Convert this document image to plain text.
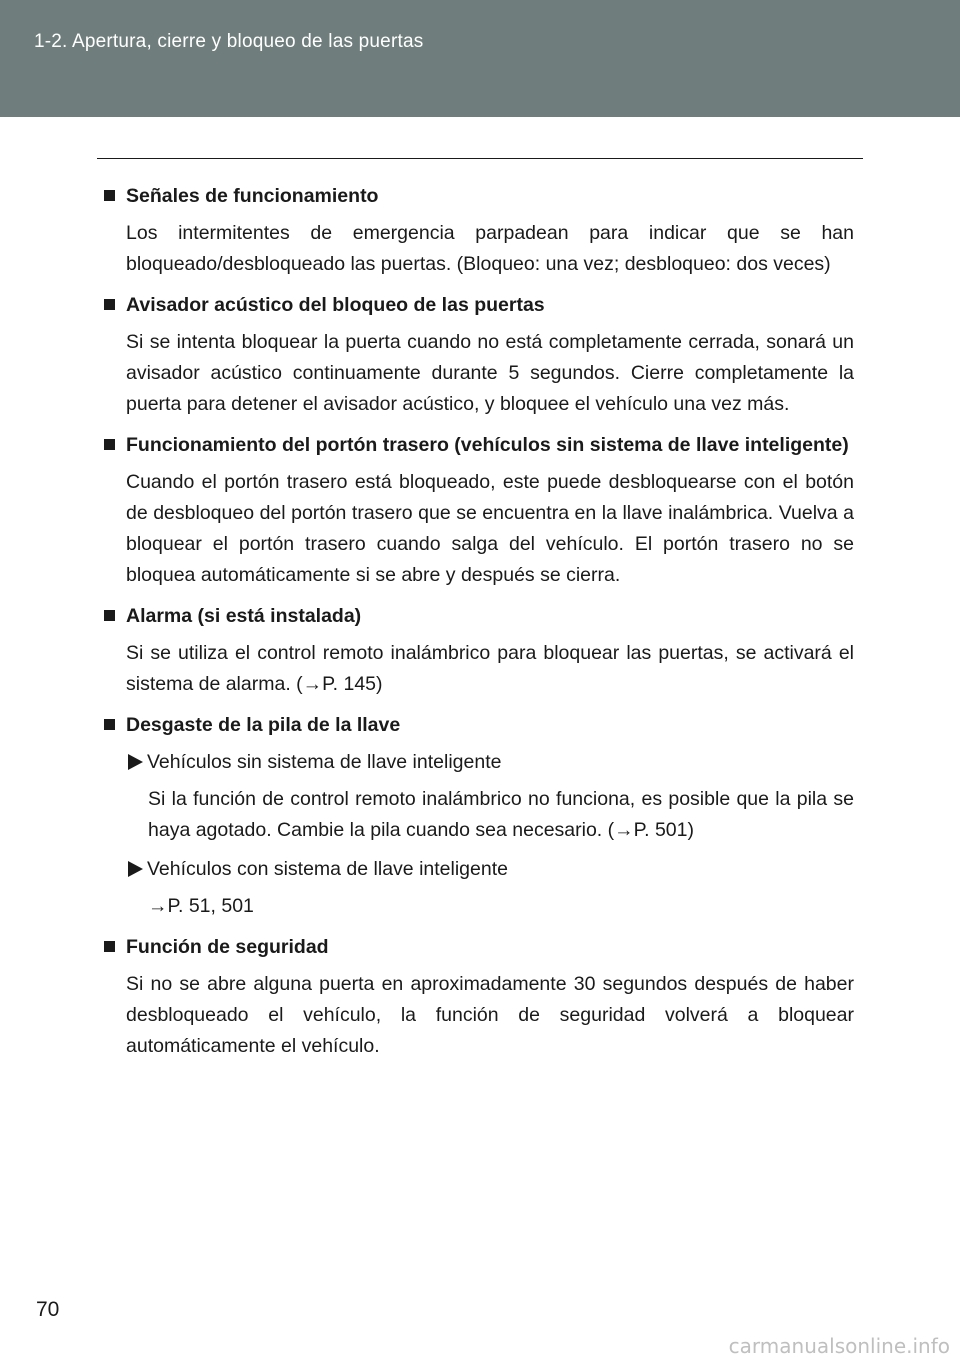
1-2. Apertura, cierre y bloqueo de las puertas
Señales de funcionamiento
Los intermitentes de emergencia parpadean para indicar que se han bloqueado/desbloqueado las puertas. (Bloqueo: una vez; desbloqueo: dos veces)
Avisador acústico del bloqueo de las puertas
Si se intenta bloquear la puerta cuando no está completamente cerrada, sonará un avisador acústico continuamente durante 5 segundos. Cierre completamente la puerta para detener el avisador acústico, y bloquee el vehículo una vez más.
Funcionamiento del portón trasero (vehículos sin sistema de llave inteligente)
Cuando el portón trasero está bloqueado, este puede desbloquearse con el botón de desbloqueo del portón trasero que se encuentra en la llave inalámbrica. Vuelva a bloquear el portón trasero cuando salga del vehículo. El portón trasero no se bloquea automáticamente si se abre y después se cierra.
Alarma (si está instalada)
Si se utiliza el control remoto inalámbrico para bloquear las puertas, se activará el sistema de alarma. (→P. 145)
Desgaste de la pila de la llave
Vehículos sin sistema de llave inteligente
Si la función de control remoto inalámbrico no funciona, es posible que la pila se haya agotado. Cambie la pila cuando sea necesario. (→P. 501)
Vehículos con sistema de llave inteligente
→P. 51, 501
Función de seguridad
Si no se abre alguna puerta en aproximadamente 30 segundos después de haber desbloqueado el vehículo, la función de seguridad volverá a bloquear automáticamente el vehículo.
70
carmanualsonline.info
